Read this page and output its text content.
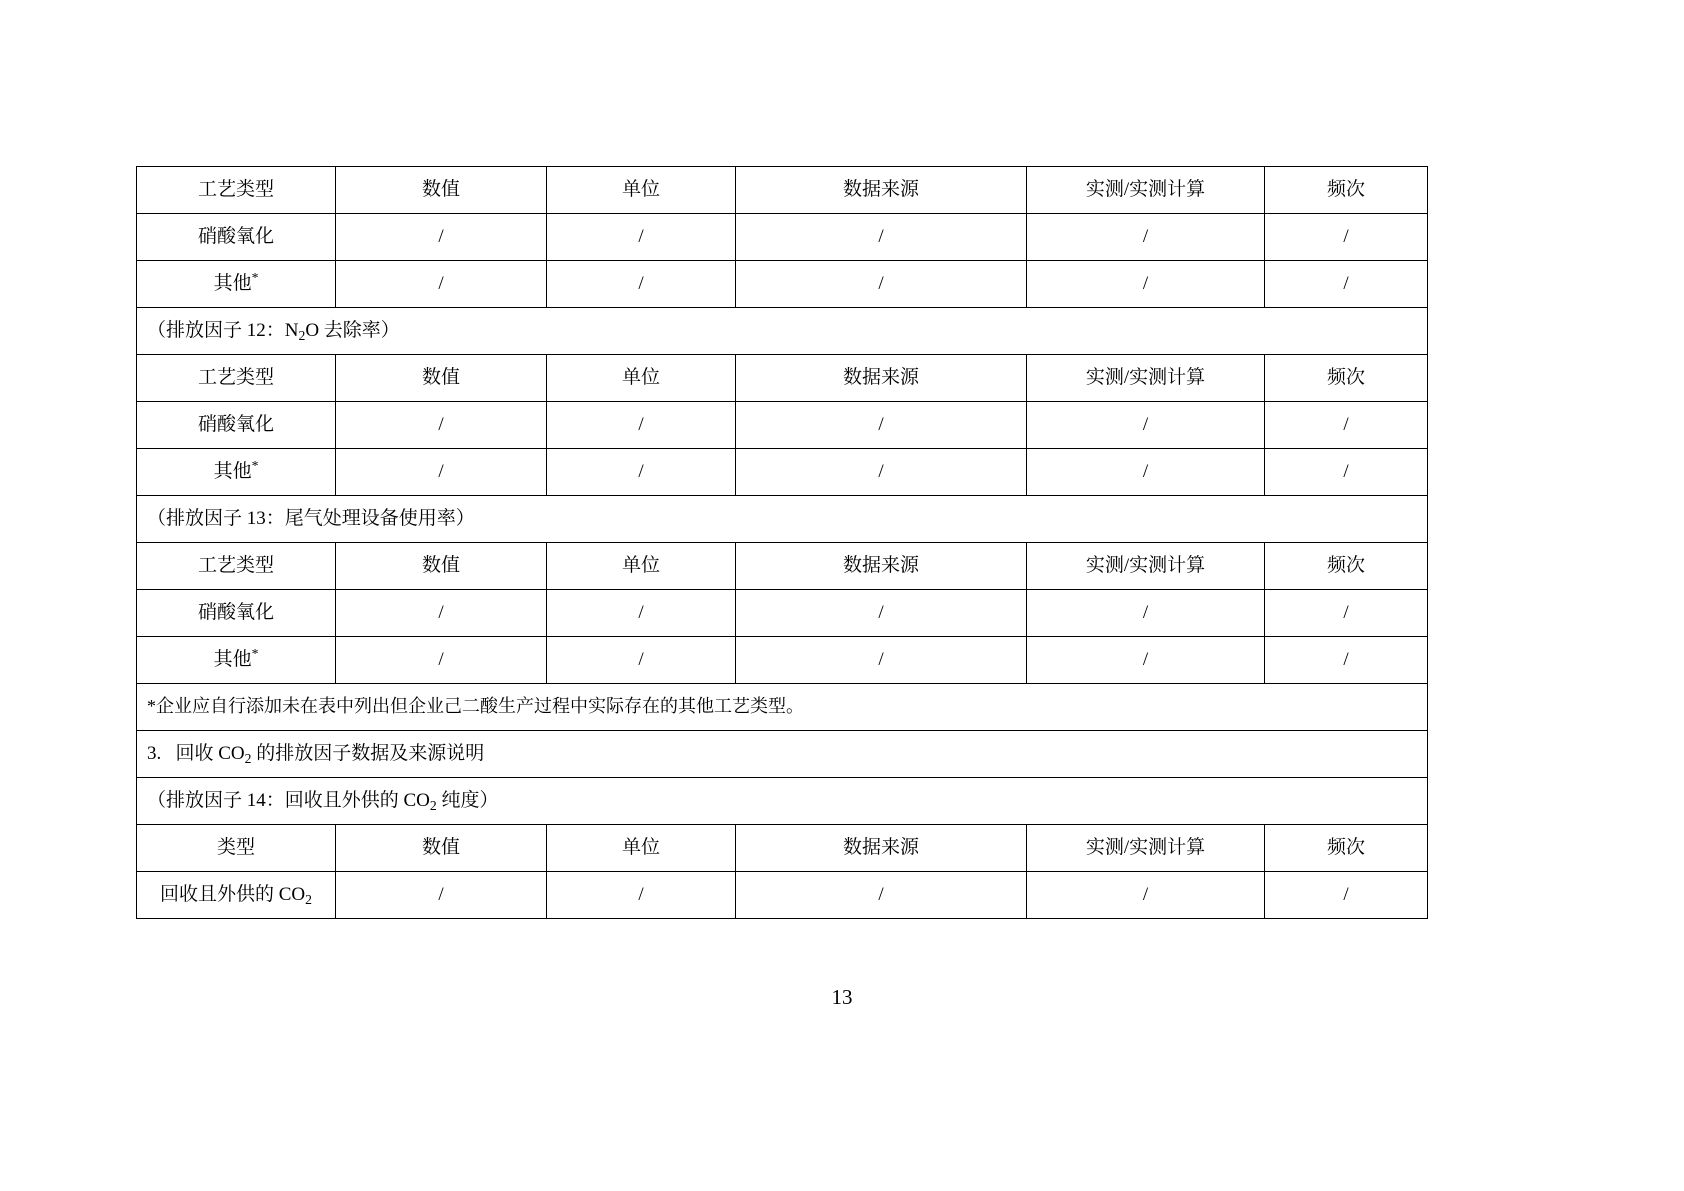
工艺类型	数值	单位	数据来源	实测/实测计算	频次
硝酸氧化	/	/	/	/	/
其他*	/	/	/	/	/
（排放因子 12：$N_2O$ 去除率）					
工艺类型	数值	单位	数据来源	实测/实测计算	频次
硝酸氧化	/	/	/	/	/
其他*	/	/	/	/	/
（排放因子 13：尾气处理设备使用率）					
工艺类型	数值	单位	数据来源	实测/实测计算	频次
硝酸氧化	/	/	/	/	/
其他*	/	/	/	/	/
*企业应自行添加未在表中列出但企业己二酸生产过程中实际存在的其他工艺类型。					
3. 回收 $CO_2$ 的排放因子数据及来源说明					
（排放因子 14：回收且外供的 $CO_2$ 纯度）					
类型	数值	单位	数据来源	实测/实测计算	频次
回收且外供的 $CO_2$	/	/	/	/	/
13
